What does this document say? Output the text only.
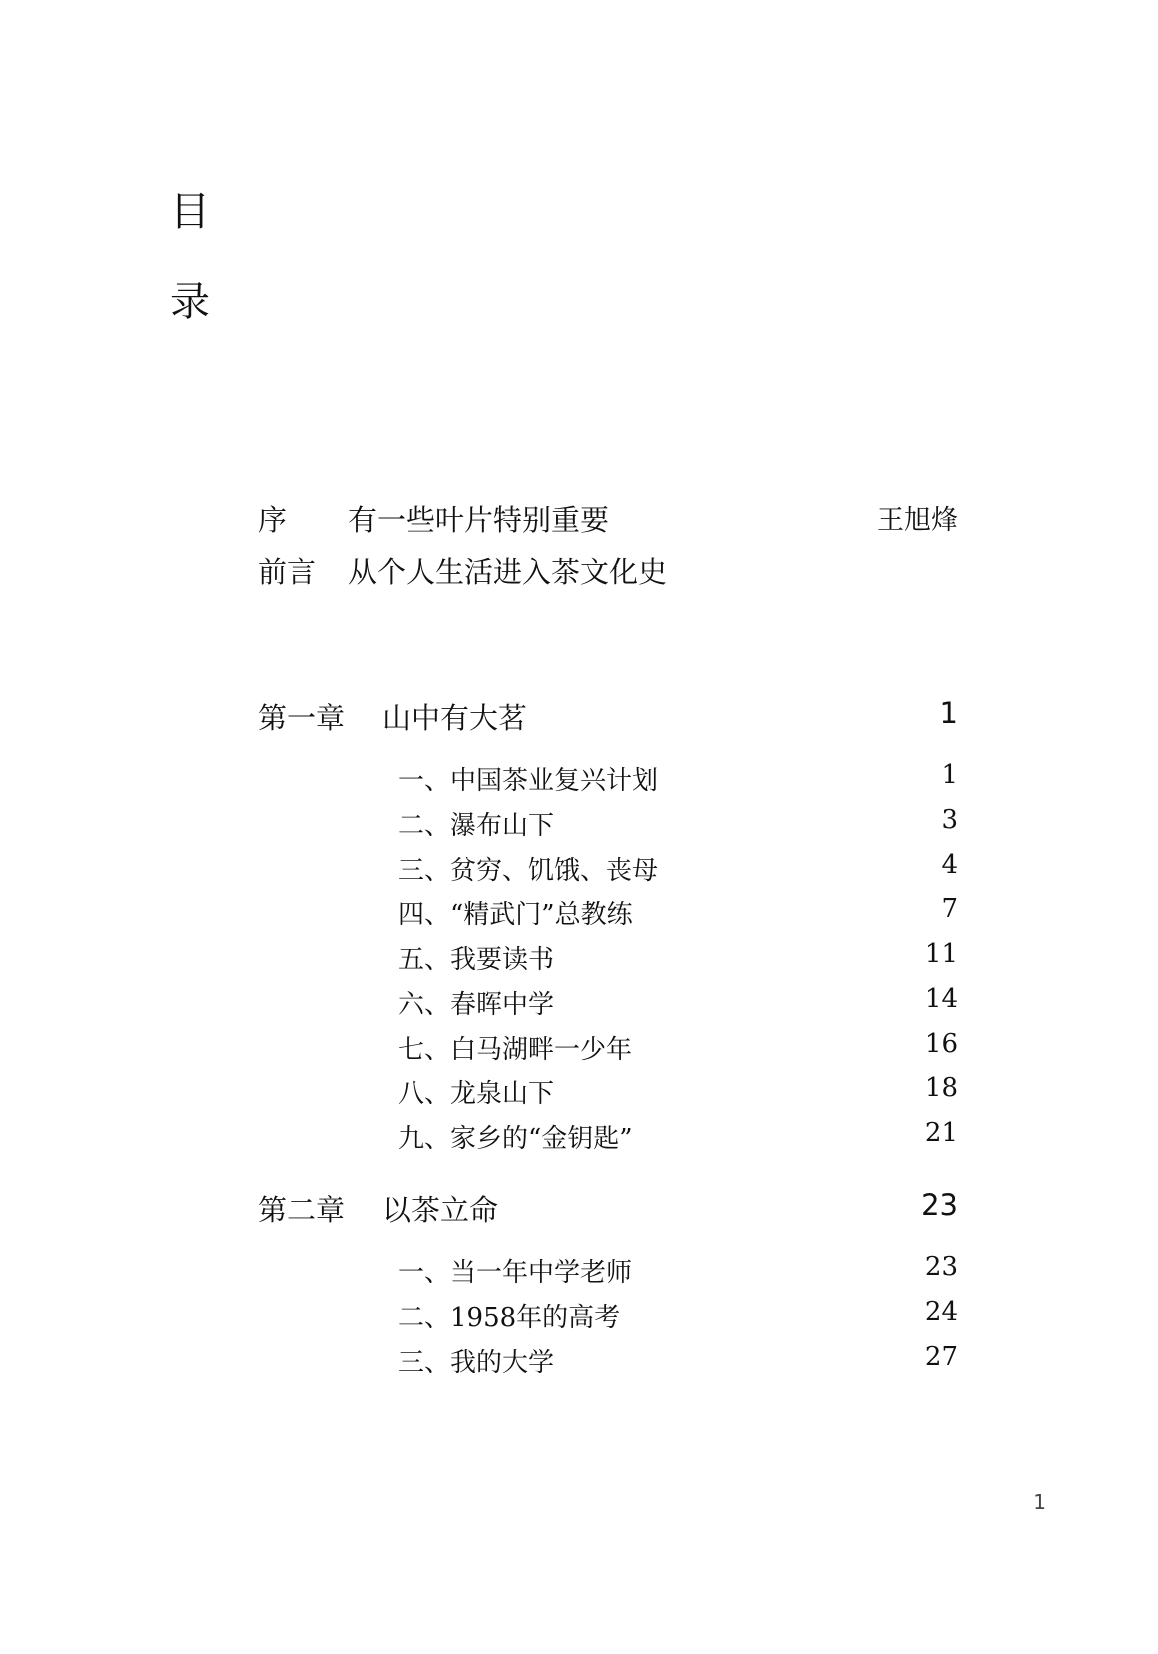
目
录
序 有一些叶片特别重要	王旭烽
前言 从个人生活进入茶文化史
第一章 山中有大茗	1
一、中国茶业复兴计划	1
二、瀑布山下	3
三、贫穷、饥饿、丧母	4
四、“精武门”总教练	7
五、我要读书	11
六、春晖中学	14
七、白马湖畔一少年	16
八、龙泉山下	18
九、家乡的“金钥匙”	21
第二章 以茶立命	23
一、当一年中学老师	23
二、1958年的高考	24
三、我的大学	27
1
